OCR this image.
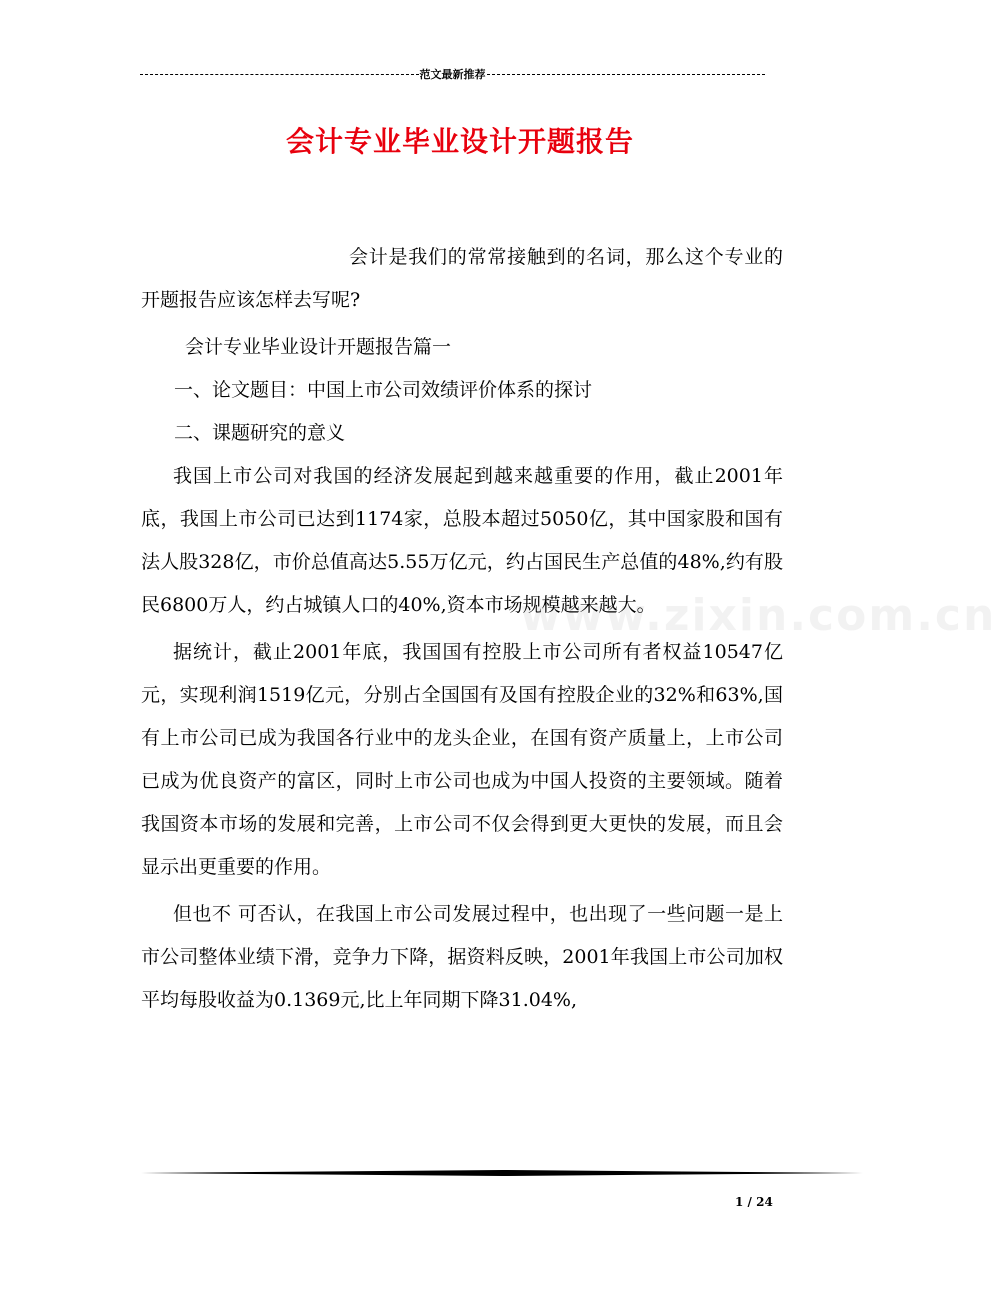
范文最新推荐
会计专业毕业设计开题报告
www.zixin.com.cn

会计是我们的常常接触到的名词，那么这个专业的开题报告应该怎样去写呢?

会计专业毕业设计开题报告篇一

一、论文题目：中国上市公司效绩评价体系的探讨

二、课题研究的意义

我国上市公司对我国的经济发展起到越来越重要的作用，截止2001年底，我国上市公司已达到1174家，总股本超过5050亿，其中国家股和国有法人股328亿，市价总值高达5.55万亿元，约占国民生产总值的48%,约有股民6800万人，约占城镇人口的40%,资本市场规模越来越大。

据统计，截止2001年底，我国国有控股上市公司所有者权益10547亿元，实现利润1519亿元，分别占全国国有及国有控股企业的32%和63%,国有上市公司已成为我国各行业中的龙头企业，在国有资产质量上，上市公司已成为优良资产的富区，同时上市公司也成为中国人投资的主要领域。随着我国资本市场的发展和完善，上市公司不仅会得到更大更快的发展，而且会显示出更重要的作用。

但也不 可否认，在我国上市公司发展过程中，也出现了一些问题一是上市公司整体业绩下滑，竞争力下降，据资料反映，2001年我国上市公司加权平均每股收益为0.1369元,比上年同期下降31.04%,

1 / 24
